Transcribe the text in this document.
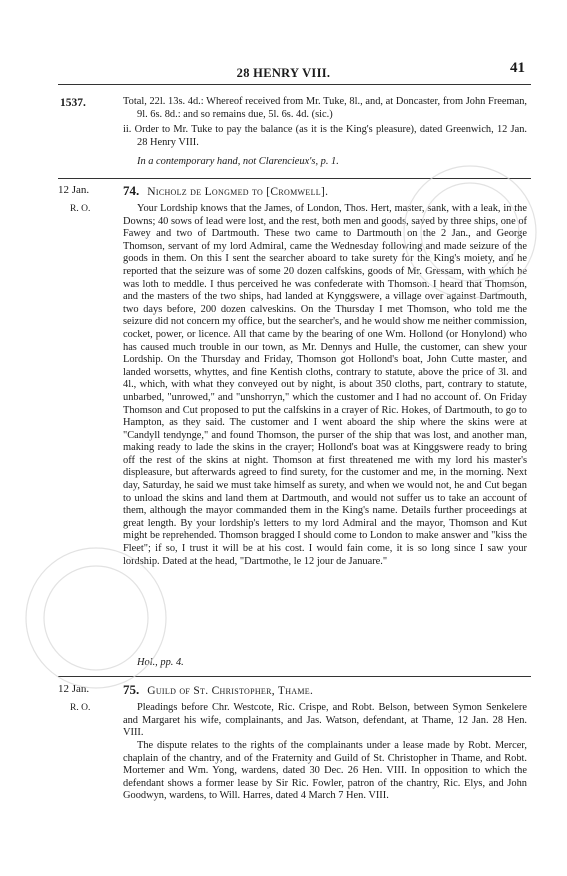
28 HENRY VIII.	41
1537.	Total, 22l. 13s. 4d.: Whereof received from Mr. Tuke, 8l., and, at Doncaster, from John Freeman, 9l. 6s. 8d.: and so remains due, 5l. 6s. 4d. (sic.)
ii. Order to Mr. Tuke to pay the balance (as it is the King's pleasure), dated Greenwich, 12 Jan. 28 Henry VIII.
In a contemporary hand, not Clarencieux's, p. 1.
12 Jan.
R. O.
74. Nicholz de Longmed to [Cromwell].
Your Lordship knows that the James, of London, Thos. Hert, master, sank, with a leak, in the Downs; 40 sows of lead were lost, and the rest, both men and goods, saved by three ships, one of Fawey and two of Dartmouth. These two came to Dartmouth on the 2 Jan., and George Thomson, servant of my lord Admiral, came the Wednesday following and made seizure of the goods in them. On this I sent the searcher aboard to take surety for the King's moiety, and he reported that the seizure was of some 20 dozen calfskins, goods of Mr. Gressam, with which he was loth to meddle. I thus perceived he was confederate with Thomson. I heard that Thomson, and the masters of the two ships, had landed at Kynggswere, a village over against Dartmouth, two days before, 200 dozen calveskins. On the Thursday I met Thomson, who told me the seizure did not concern my office, but the searcher's, and he would show me neither commission, cocket, power, or licence. All that came by the bearing of one Wm. Hollond (or Honylond) who has caused much trouble in our town, as Mr. Dennys and Hulle, the customer, can shew your Lordship. On the Thursday and Friday, Thomson got Hollond's boat, John Cutte master, and landed worsetts, whyttes, and fine Kentish cloths, contrary to statute, above the price of 3l. and 4l., which, with what they conveyed out by night, is about 350 cloths, part, contrary to statute, unbarbed, "unrowed," and "unshorryn," which the customer and I had no account of. On Friday Thomson and Cut proposed to put the calfskins in a crayer of Ric. Hokes, of Dartmouth, to go to Hampton, as they said. The customer and I went aboard the ship where the skins were at "Candyll tendynge," and found Thomson, the purser of the ship that was lost, and another man, making ready to lade the skins in the crayer; Hollond's boat was at Kinggswere ready to bring off the rest of the skins at night. Thomson at first threatened me with my lord his master's displeasure, but afterwards agreed to find surety, for the customer and me, in the morning. Next day, Saturday, he said we must take himself as surety, and when we would not, he and Cut began to unload the skins and land them at Dartmouth, and would not suffer us to take an account of them, although the mayor commanded them in the King's name. Details further proceedings at great length. By your lordship's letters to my lord Admiral and the mayor, Thomson and Kut might be reprehended. Thomson bragged I should come to London to make answer and "kiss the Fleet"; if so, I trust it will be at his cost. I would fain come, it is so long since I saw your lordship. Dated at the head, "Dartmothe, le 12 jour de Januare."
Hol., pp. 4.
12 Jan.
R. O.
75. Guild of St. Christopher, Thame.
Pleadings before Chr. Westcote, Ric. Crispe, and Robt. Belson, between Symon Senkelere and Margaret his wife, complainants, and Jas. Watson, defendant, at Thame, 12 Jan. 28 Hen. VIII.
The dispute relates to the rights of the complainants under a lease made by Robt. Mercer, chaplain of the chantry, and of the Fraternity and Guild of St. Christopher in Thame, and Robt. Mortemer and Wm. Yong, wardens, dated 30 Dec. 26 Hen. VIII. In opposition to which the defendant shows a former lease by Sir Ric. Fowler, patron of the chantry, Ric. Elys, and John Goodwyn, wardens, to Will. Harres, dated 4 March 7 Hen. VIII.
